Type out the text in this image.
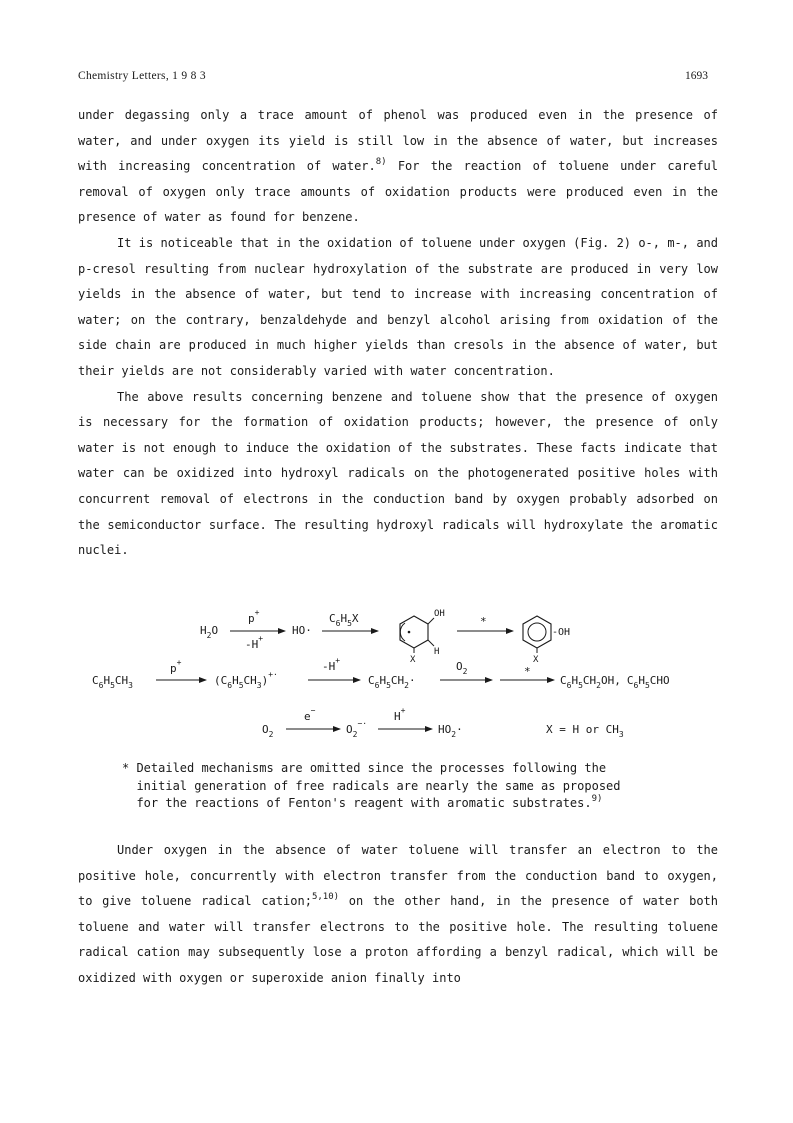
Chemistry Letters, 1 9 8 3	1693

under degassing only a trace amount of phenol was produced even in the presence of water, and under oxygen its yield is still low in the absence of water, but increases with increasing concentration of water.$^{8)}$ For the reaction of toluene under careful removal of oxygen only trace amounts of oxidation products were produced even in the presence of water as found for benzene.

It is noticeable that in the oxidation of toluene under oxygen (Fig. 2) o-, m-, and p-cresol resulting from nuclear hydroxylation of the substrate are produced in very low yields in the absence of water, but tend to increase with increasing concentration of water; on the contrary, benzaldehyde and benzyl alcohol arising from oxidation of the side chain are produced in much higher yields than cresols in the absence of water, but their yields are not considerably varied with water concentration.

The above results concerning benzene and toluene show that the presence of oxygen is necessary for the formation of oxidation products; however, the presence of only water is not enough to induce the oxidation of the substrates. These facts indicate that water can be oxidized into hydroxyl radicals on the photogenerated positive holes with concurrent removal of electrons in the conduction band by oxygen probably adsorbed on the semiconductor surface. The resulting hydroxyl radicals will hydroxylate the aromatic nuclei.

$H_2O$
p+
-H+
HO·
$C_6H_5X$	OH
H
X
*
-OH
X
$C_6H_5CH_3$
p+
$(C_6H_5CH_3)^{+\cdot}$
-H+
$C_6H_5CH_2\cdot$
$O_2$	*
$C_6H_5CH_2OH$, $C_6H_5CHO$
$O_2$
e−
$O_2^{-\cdot}$
H+
$HO_2\cdot$	X = H or $CH_3$

* Detailed mechanisms are omitted since the processes following the

initial generation of free radicals are nearly the same as proposed

for the reactions of Fenton's reagent with aromatic substrates.$^{9)}$

Under oxygen in the absence of water toluene will transfer an electron to the positive hole, concurrently with electron transfer from the conduction band to oxygen, to give toluene radical cation;$^{5,10)}$ on the other hand, in the presence of water both toluene and water will transfer electrons to the positive hole. The resulting toluene radical cation may subsequently lose a proton affording a benzyl radical, which will be oxidized with oxygen or superoxide anion finally into
